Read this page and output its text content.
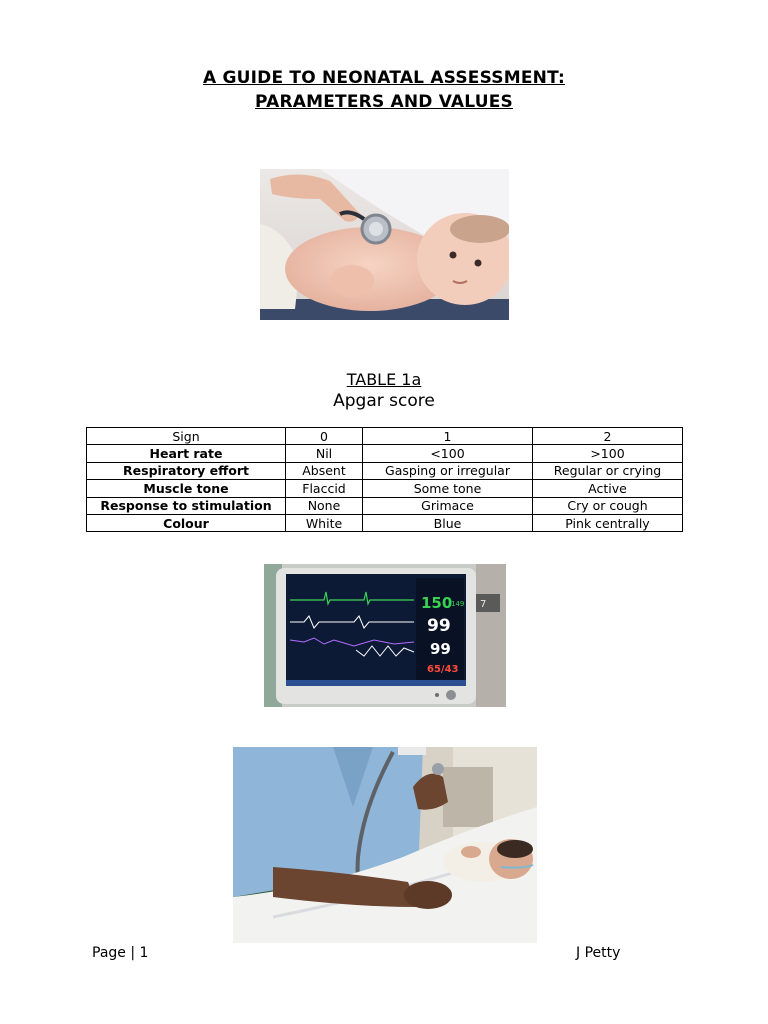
A GUIDE TO NEONATAL ASSESSMENT:
PARAMETERS AND VALUES
TABLE 1a
Apgar score
Sign	0	1	2
Heart rate	Nil	<100	>100
Respiratory effort	Absent	Gasping or irregular	Regular or crying
Muscle tone	Flaccid	Some tone	Active
Response to stimulation	None	Grimace	Cry or cough
Colour	White	Blue	Pink centrally
7
150
149
99
99
65/43
Page | 1	J Petty
